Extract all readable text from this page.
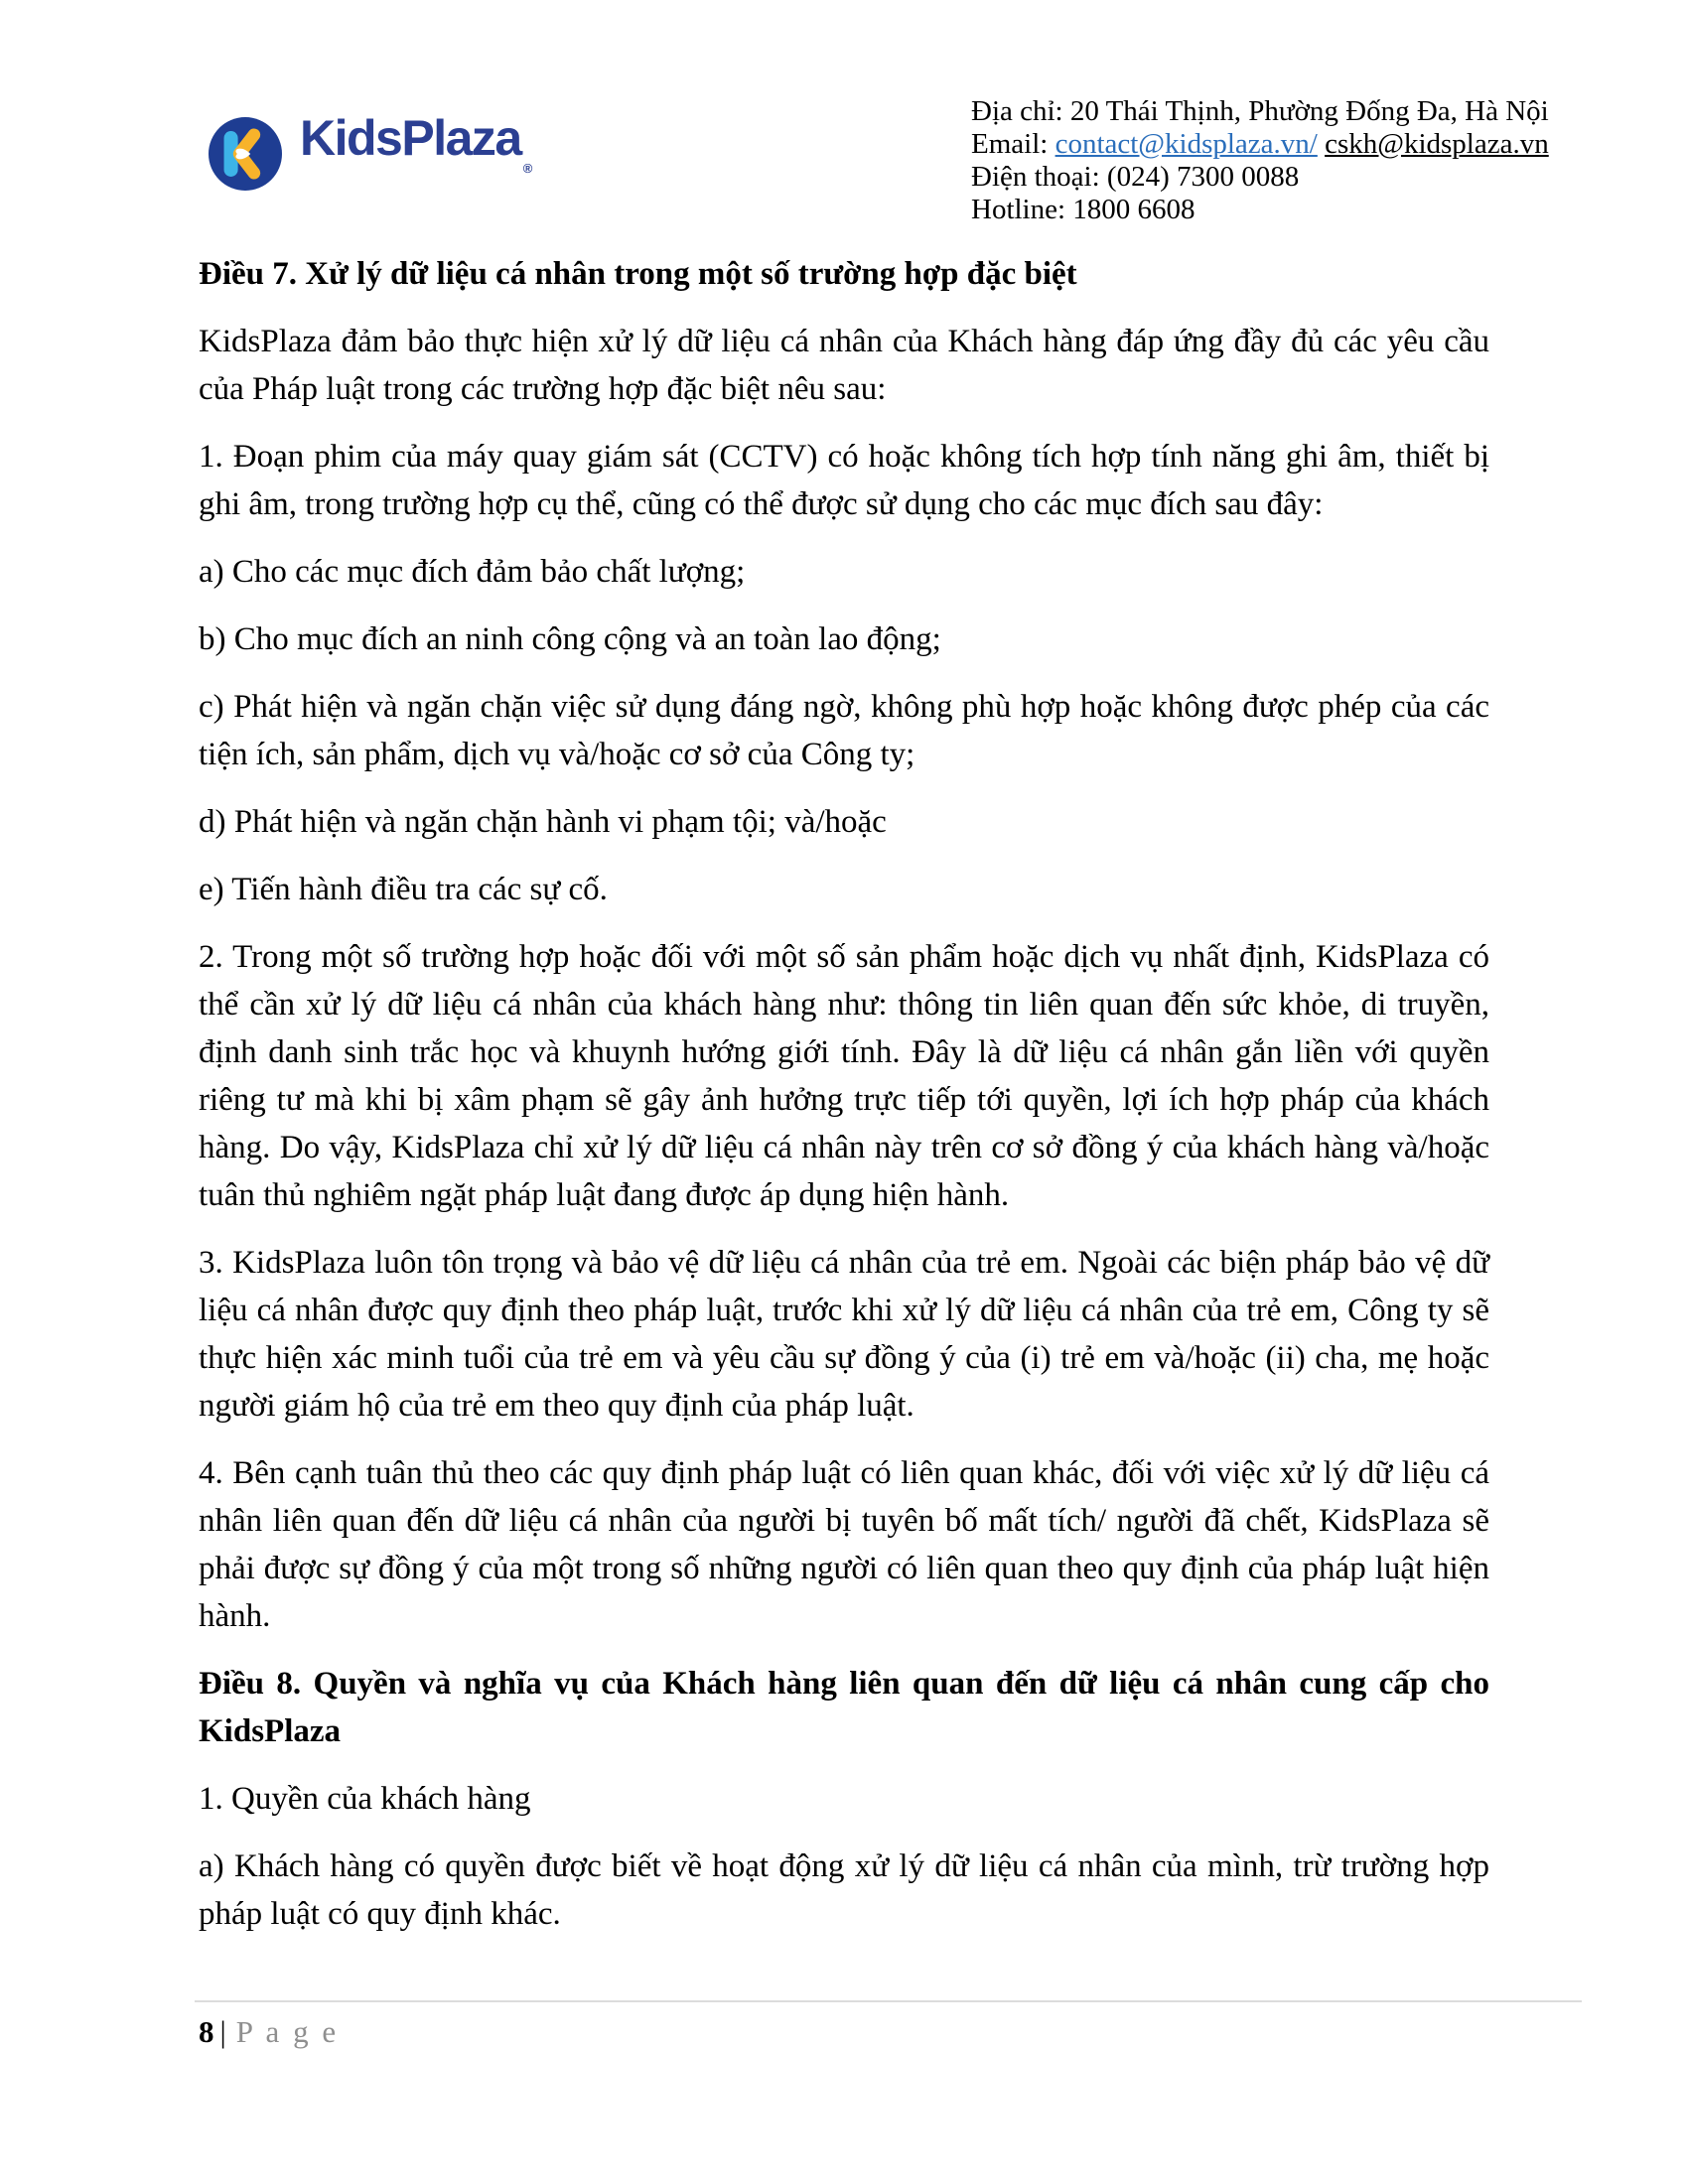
KidsPlaza$_®$
Địa chỉ: 20 Thái Thịnh, Phường Đống Đa, Hà Nội
Email: contact@kidsplaza.vn/ cskh@kidsplaza.vn
Điện thoại: (024) 7300 0088
Hotline: 1800 6608
Điều 7. Xử lý dữ liệu cá nhân trong một số trường hợp đặc biệt
KidsPlaza đảm bảo thực hiện xử lý dữ liệu cá nhân của Khách hàng đáp ứng đầy đủ các yêu cầu của Pháp luật trong các trường hợp đặc biệt nêu sau:
1. Đoạn phim của máy quay giám sát (CCTV) có hoặc không tích hợp tính năng ghi âm, thiết bị ghi âm, trong trường hợp cụ thể, cũng có thể được sử dụng cho các mục đích sau đây:
a) Cho các mục đích đảm bảo chất lượng;
b) Cho mục đích an ninh công cộng và an toàn lao động;
c) Phát hiện và ngăn chặn việc sử dụng đáng ngờ, không phù hợp hoặc không được phép của các tiện ích, sản phẩm, dịch vụ và/hoặc cơ sở của Công ty;
d) Phát hiện và ngăn chặn hành vi phạm tội; và/hoặc
e) Tiến hành điều tra các sự cố.
2. Trong một số trường hợp hoặc đối với một số sản phẩm hoặc dịch vụ nhất định, KidsPlaza có thể cần xử lý dữ liệu cá nhân của khách hàng như: thông tin liên quan đến sức khỏe, di truyền, định danh sinh trắc học và khuynh hướng giới tính. Đây là dữ liệu cá nhân gắn liền với quyền riêng tư mà khi bị xâm phạm sẽ gây ảnh hưởng trực tiếp tới quyền, lợi ích hợp pháp của khách hàng. Do vậy, KidsPlaza chỉ xử lý dữ liệu cá nhân này trên cơ sở đồng ý của khách hàng và/hoặc tuân thủ nghiêm ngặt pháp luật đang được áp dụng hiện hành.
3. KidsPlaza luôn tôn trọng và bảo vệ dữ liệu cá nhân của trẻ em. Ngoài các biện pháp bảo vệ dữ liệu cá nhân được quy định theo pháp luật, trước khi xử lý dữ liệu cá nhân của trẻ em, Công ty sẽ thực hiện xác minh tuổi của trẻ em và yêu cầu sự đồng ý của (i) trẻ em và/hoặc (ii) cha, mẹ hoặc người giám hộ của trẻ em theo quy định của pháp luật.
4. Bên cạnh tuân thủ theo các quy định pháp luật có liên quan khác, đối với việc xử lý dữ liệu cá nhân liên quan đến dữ liệu cá nhân của người bị tuyên bố mất tích/ người đã chết, KidsPlaza sẽ phải được sự đồng ý của một trong số những người có liên quan theo quy định của pháp luật hiện hành.
Điều 8. Quyền và nghĩa vụ của Khách hàng liên quan đến dữ liệu cá nhân cung cấp cho KidsPlaza
1. Quyền của khách hàng
a) Khách hàng có quyền được biết về hoạt động xử lý dữ liệu cá nhân của mình, trừ trường hợp pháp luật có quy định khác.
8 | P a g e
